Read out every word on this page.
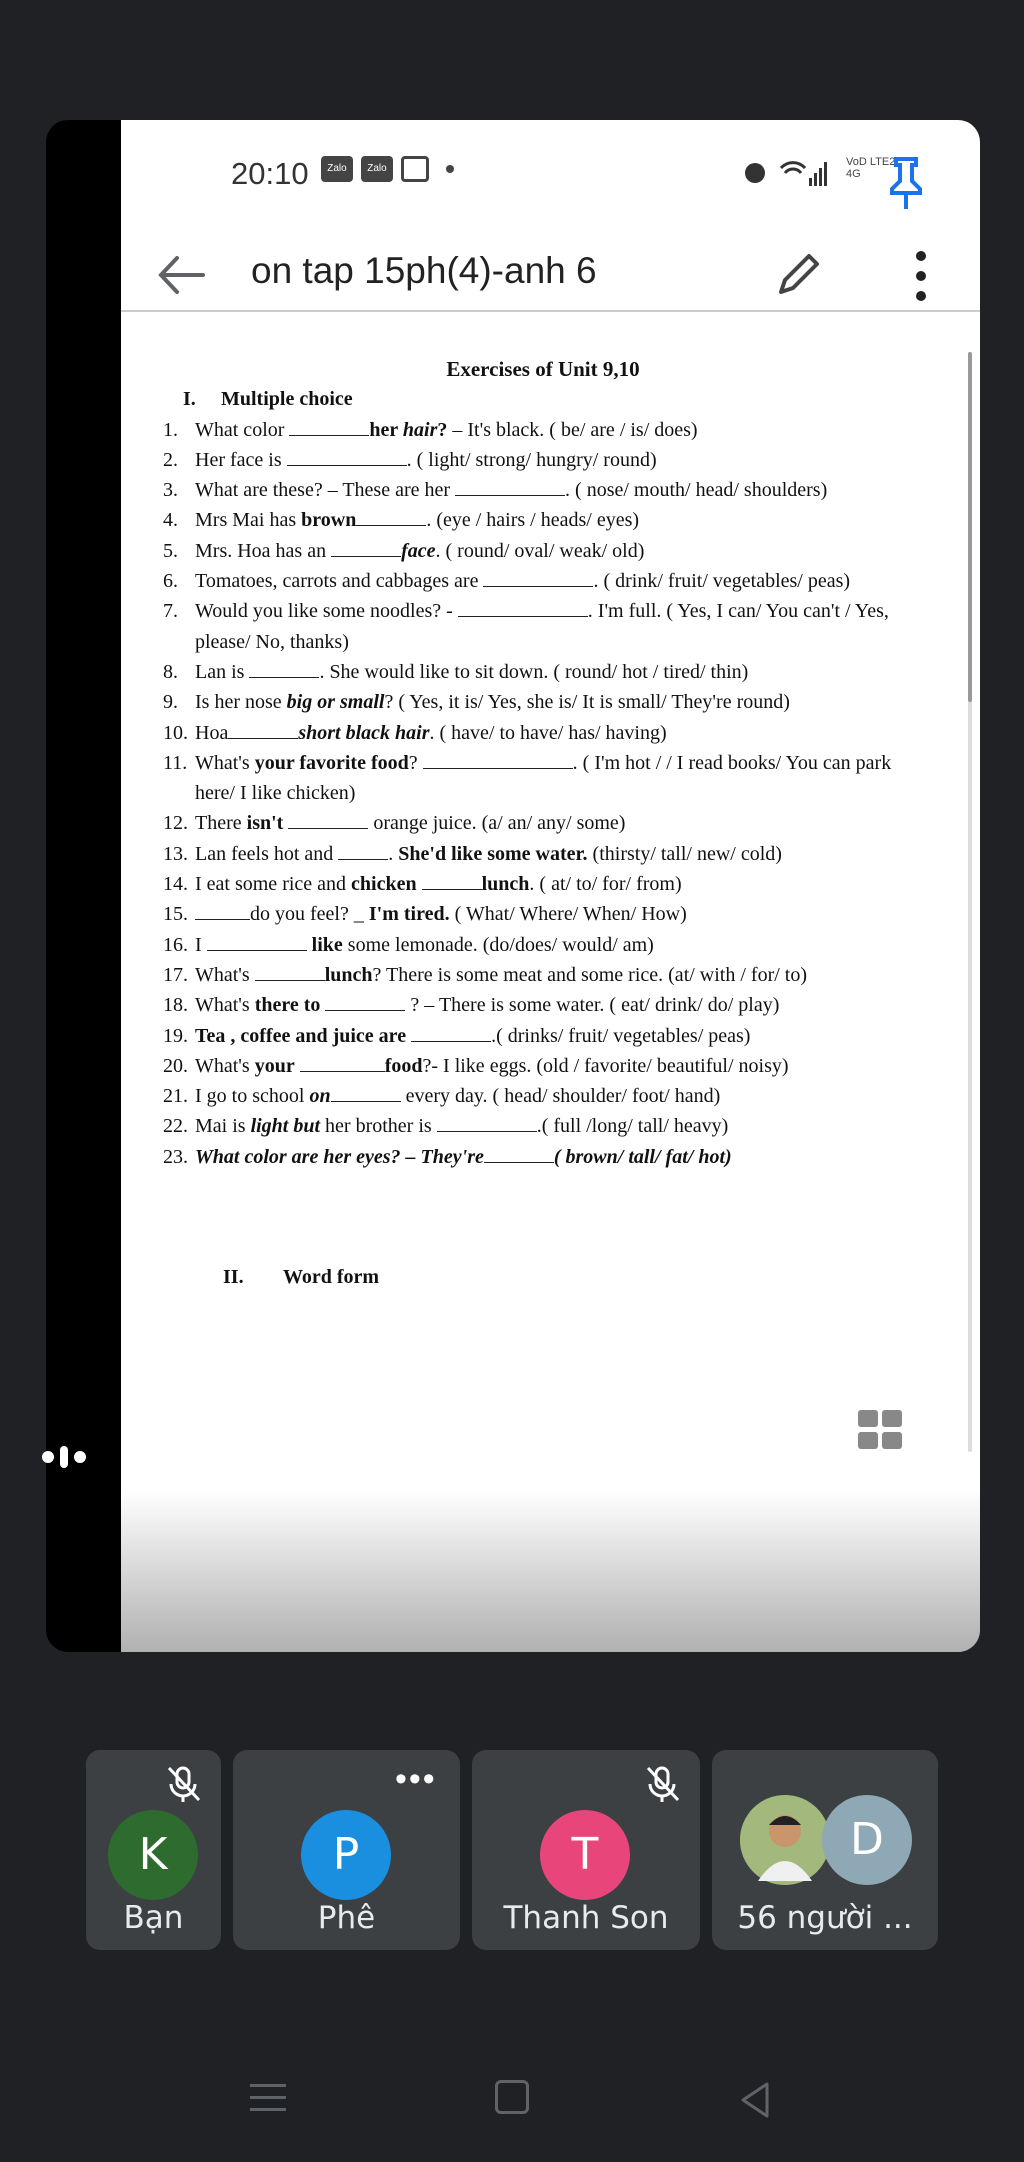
20:10	Zalo	Zalo
VoD LTE2 4G
on tap 15ph(4)-anh 6
Exercises of Unit 9,10
I.	Multiple choice
1. What color	her hair? – It's black. ( be/ are / is/ does)
2. Her face is	. ( light/ strong/ hungry/ round)
3. What are these? – These are her	. ( nose/ mouth/ head/ shoulders)
4. Mrs Mai has brown	. (eye / hairs / heads/ eyes)
5. Mrs. Hoa has an	face. ( round/ oval/ weak/ old)
6. Tomatoes, carrots and cabbages are	. ( drink/ fruit/ vegetables/ peas)
7. Would you like some noodles? -	. I'm full. ( Yes, I can/ You can't / Yes, please/ No, thanks)
8. Lan is	. She would like to sit down. ( round/ hot / tired/ thin)
9. Is her nose big or small? ( Yes, it is/ Yes, she is/ It is small/ They're round)
10. Hoa	short black hair. ( have/ to have/ has/ having)
11. What's your favorite food?	. ( I'm hot / / I read books/ You can park here/ I like chicken)
12. There isn't	orange juice. (a/ an/ any/ some)
13. Lan feels hot and	. She'd like some water. (thirsty/ tall/ new/ cold)
14. I eat some rice and chicken	lunch. ( at/ to/ for/ from)
15.	do you feel? _ I'm tired. ( What/ Where/ When/ How)
16. I	like some lemonade. (do/does/ would/ am)
17. What's	lunch? There is some meat and some rice. (at/ with / for/ to)
18. What's there to	? – There is some water. ( eat/ drink/ do/ play)
19. Tea , coffee and juice are	.( drinks/ fruit/ vegetables/ peas)
20. What's your	food?- I like eggs. (old / favorite/ beautiful/ noisy)
21. I go to school on	every day. ( head/ shoulder/ foot/ hand)
22. Mai is light but her brother is	.( full /long/ tall/ heavy)
23. What color are her eyes? – They're	( brown/ tall/ fat/ hot)
II.	Word form
Pham Tan Tai
K
Bạn
•••
P
Phê
T
Thanh Son
D
56 người ...
